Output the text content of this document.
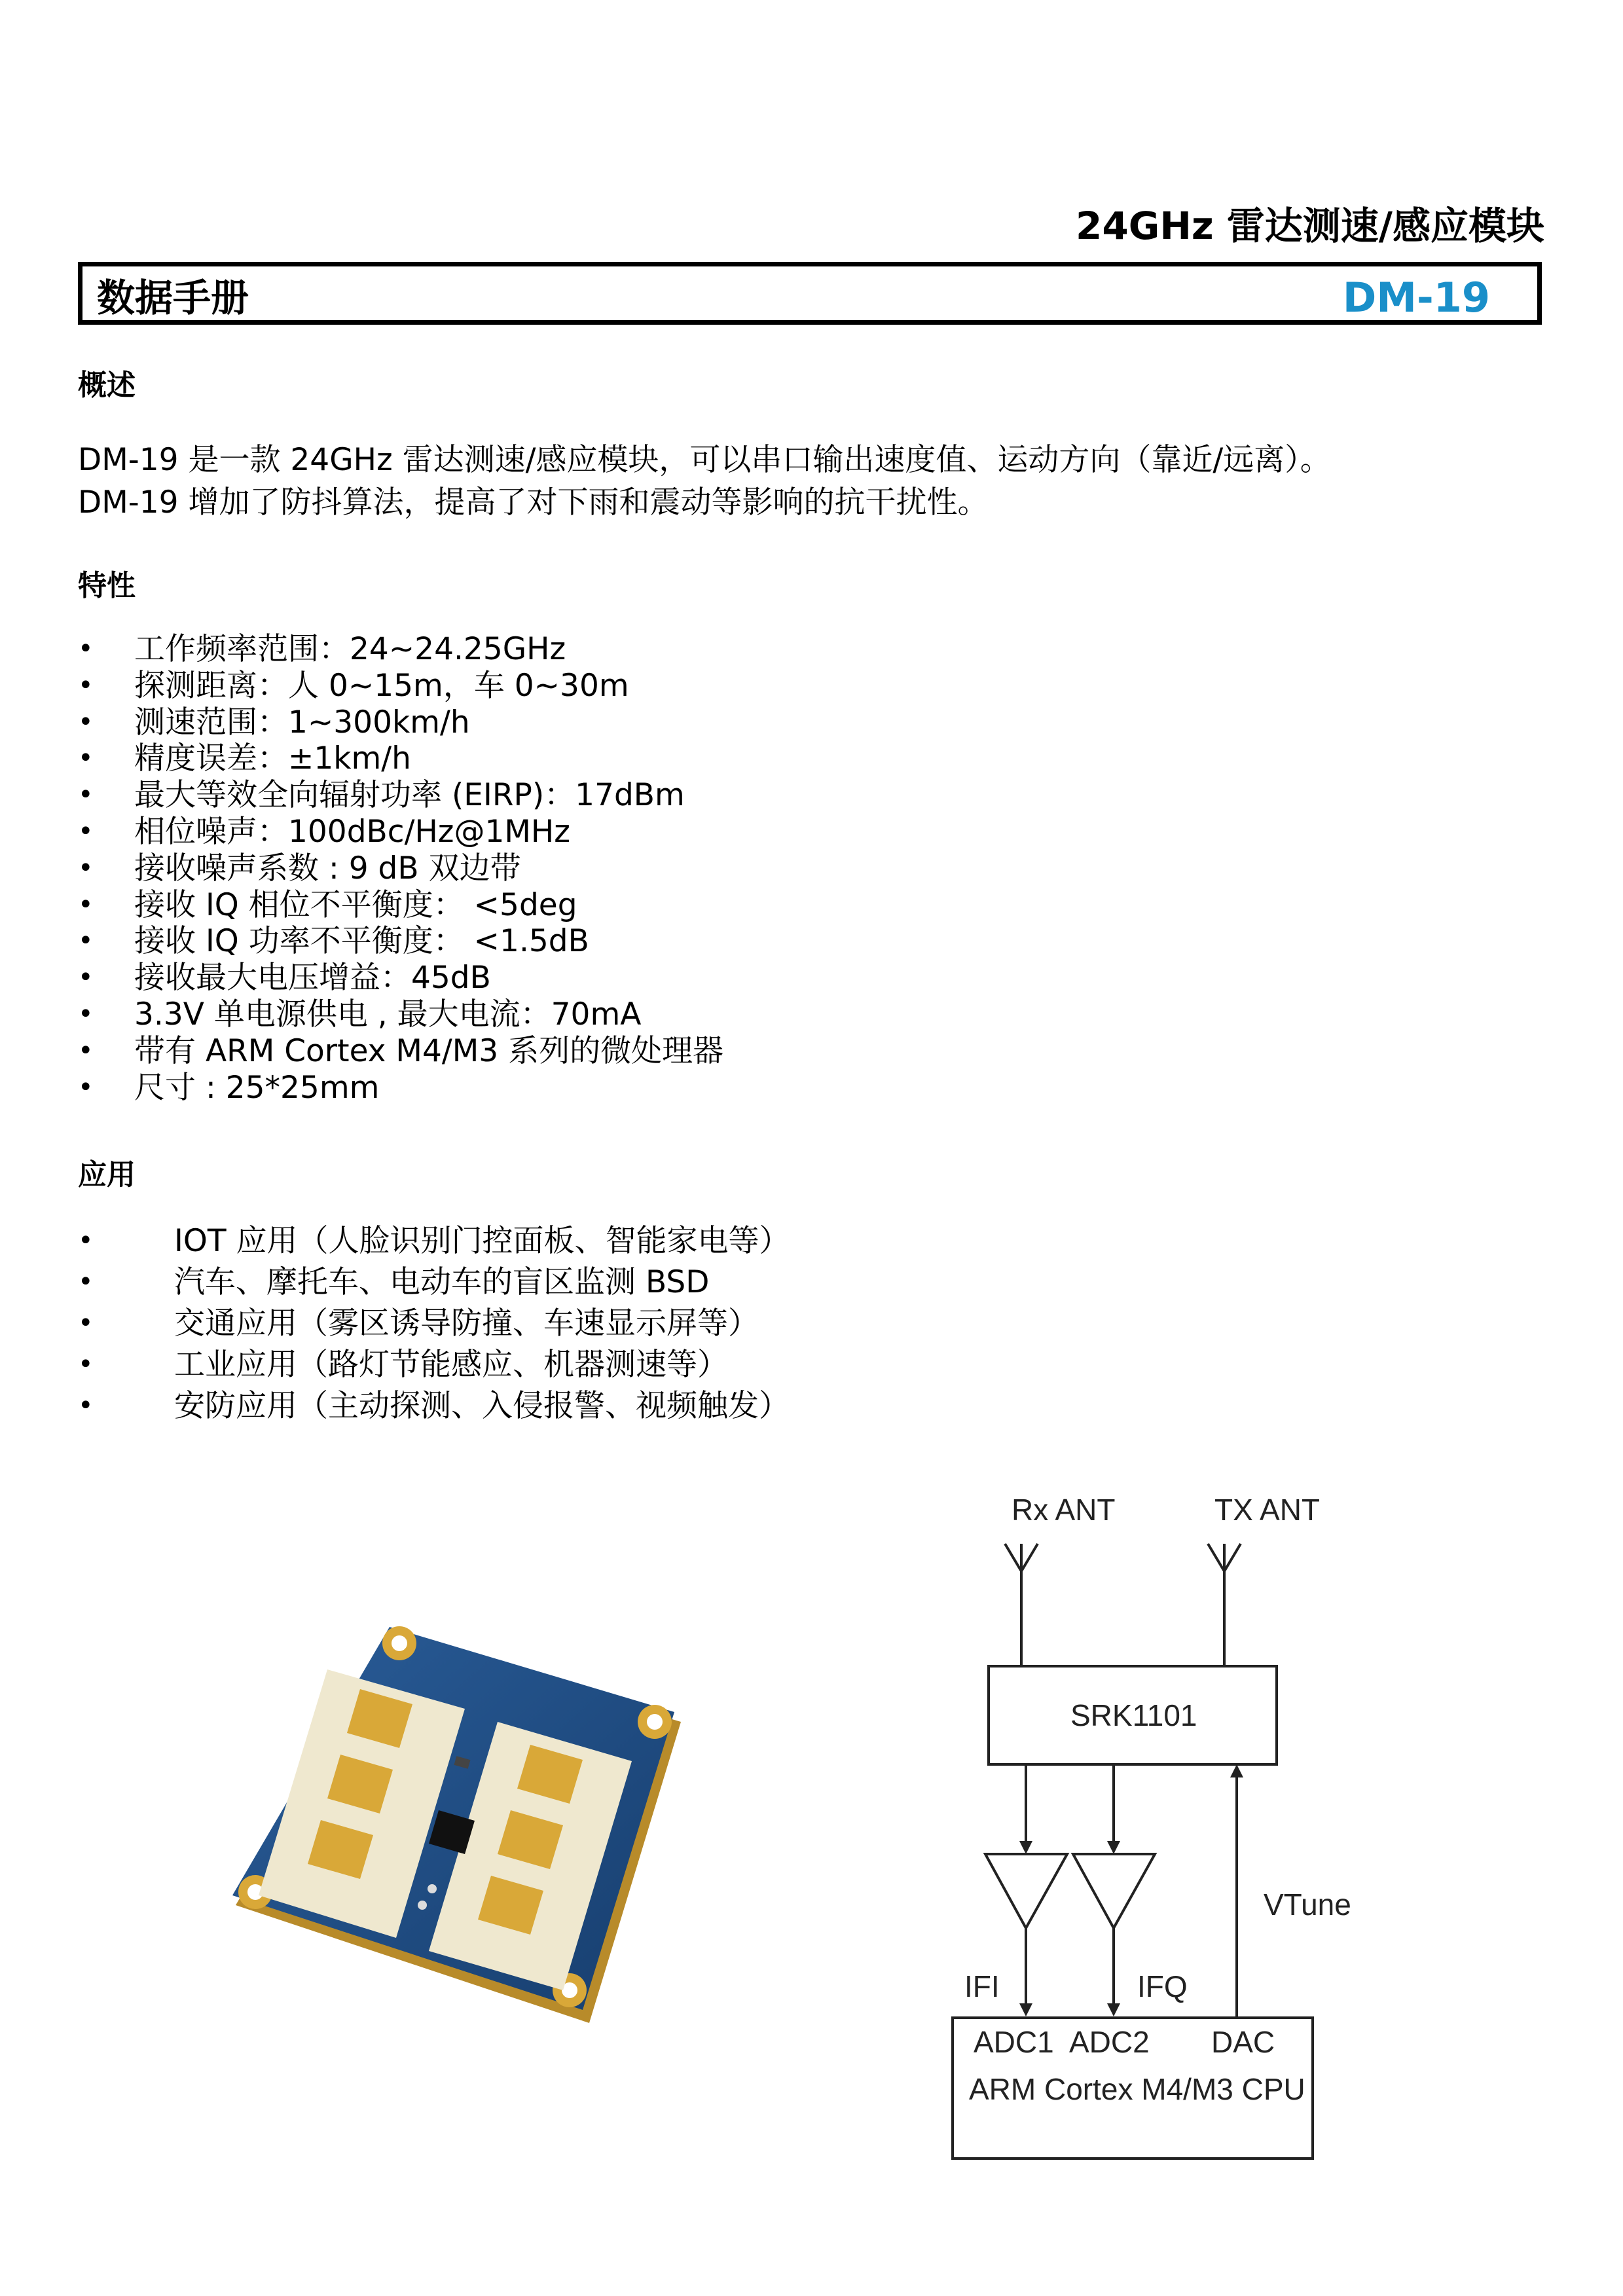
24GHz 雷达测速/感应模块
数据手册	DM-19
概述
DM-19 是一款 24GHz 雷达测速/感应模块，可以串口输出速度值、运动方向（靠近/远离）。
DM-19 增加了防抖算法，提高了对下雨和震动等影响的抗干扰性。
特性
• 工作频率范围：24~24.25GHz
• 探测距离：人 0~15m，车 0~30m
• 测速范围：1~300km/h
• 精度误差：±1km/h
• 最大等效全向辐射功率 (EIRP)：17dBm
• 相位噪声：100dBc/Hz@1MHz
• 接收噪声系数 : 9 dB 双边带
• 接收 IQ 相位不平衡度： <5deg
• 接收 IQ 功率不平衡度： <1.5dB
• 接收最大电压增益：45dB
• 3.3V 单电源供电 , 最大电流：70mA
• 带有 ARM Cortex M4/M3 系列的微处理器
• 尺寸 : 25*25mm
应用
•	IOT 应用（人脸识别门控面板、智能家电等）
•	汽车、摩托车、电动车的盲区监测 BSD
•	交通应用（雾区诱导防撞、车速显示屏等）
•	工业应用（路灯节能感应、机器测速等）
•	安防应用（主动探测、入侵报警、视频触发）
Rx ANT	TX ANT
SRK1101
VTune
IFI	IFQ
ADC1 ADC2 DAC
ARM Cortex M4/M3 CPU
